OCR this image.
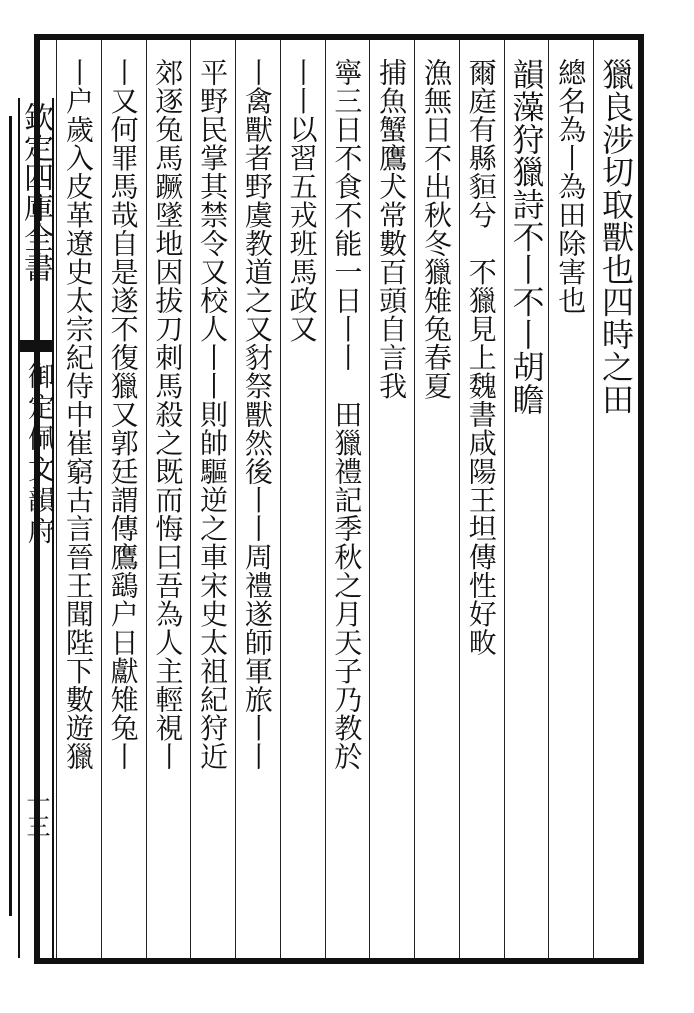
欽定四庫全書
御定佩文韻府
十三
獵良涉切取獸也四時之田
總名為丨為田除害也
韻藻狩獵詩不丨不丨胡瞻
爾庭有縣貆兮　不獵見上魏書咸陽王坦傳性好畋
漁無日不出秋冬獵雉兔春夏
捕魚蟹鷹犬常數百頭自言我
寧三日不食不能一日丨丨　田獵禮記季秋之月天子乃教於
丨丨以習五戎班馬政又
丨禽獸者野虞教道之又豺祭獸然後丨丨周禮遂師軍旅丨丨
平野民掌其禁令又校人丨丨則帥驅逆之車宋史太祖紀狩近
郊逐兔馬蹶墜地因拔刀刺馬殺之既而悔曰吾為人主輕視丨
丨又何罪馬哉自是遂不復獵又郭廷謂傳鷹鷂户日獻雉兔丨
丨户歲入皮革遼史太宗紀侍中崔窮古言晉王聞陛下數遊獵
